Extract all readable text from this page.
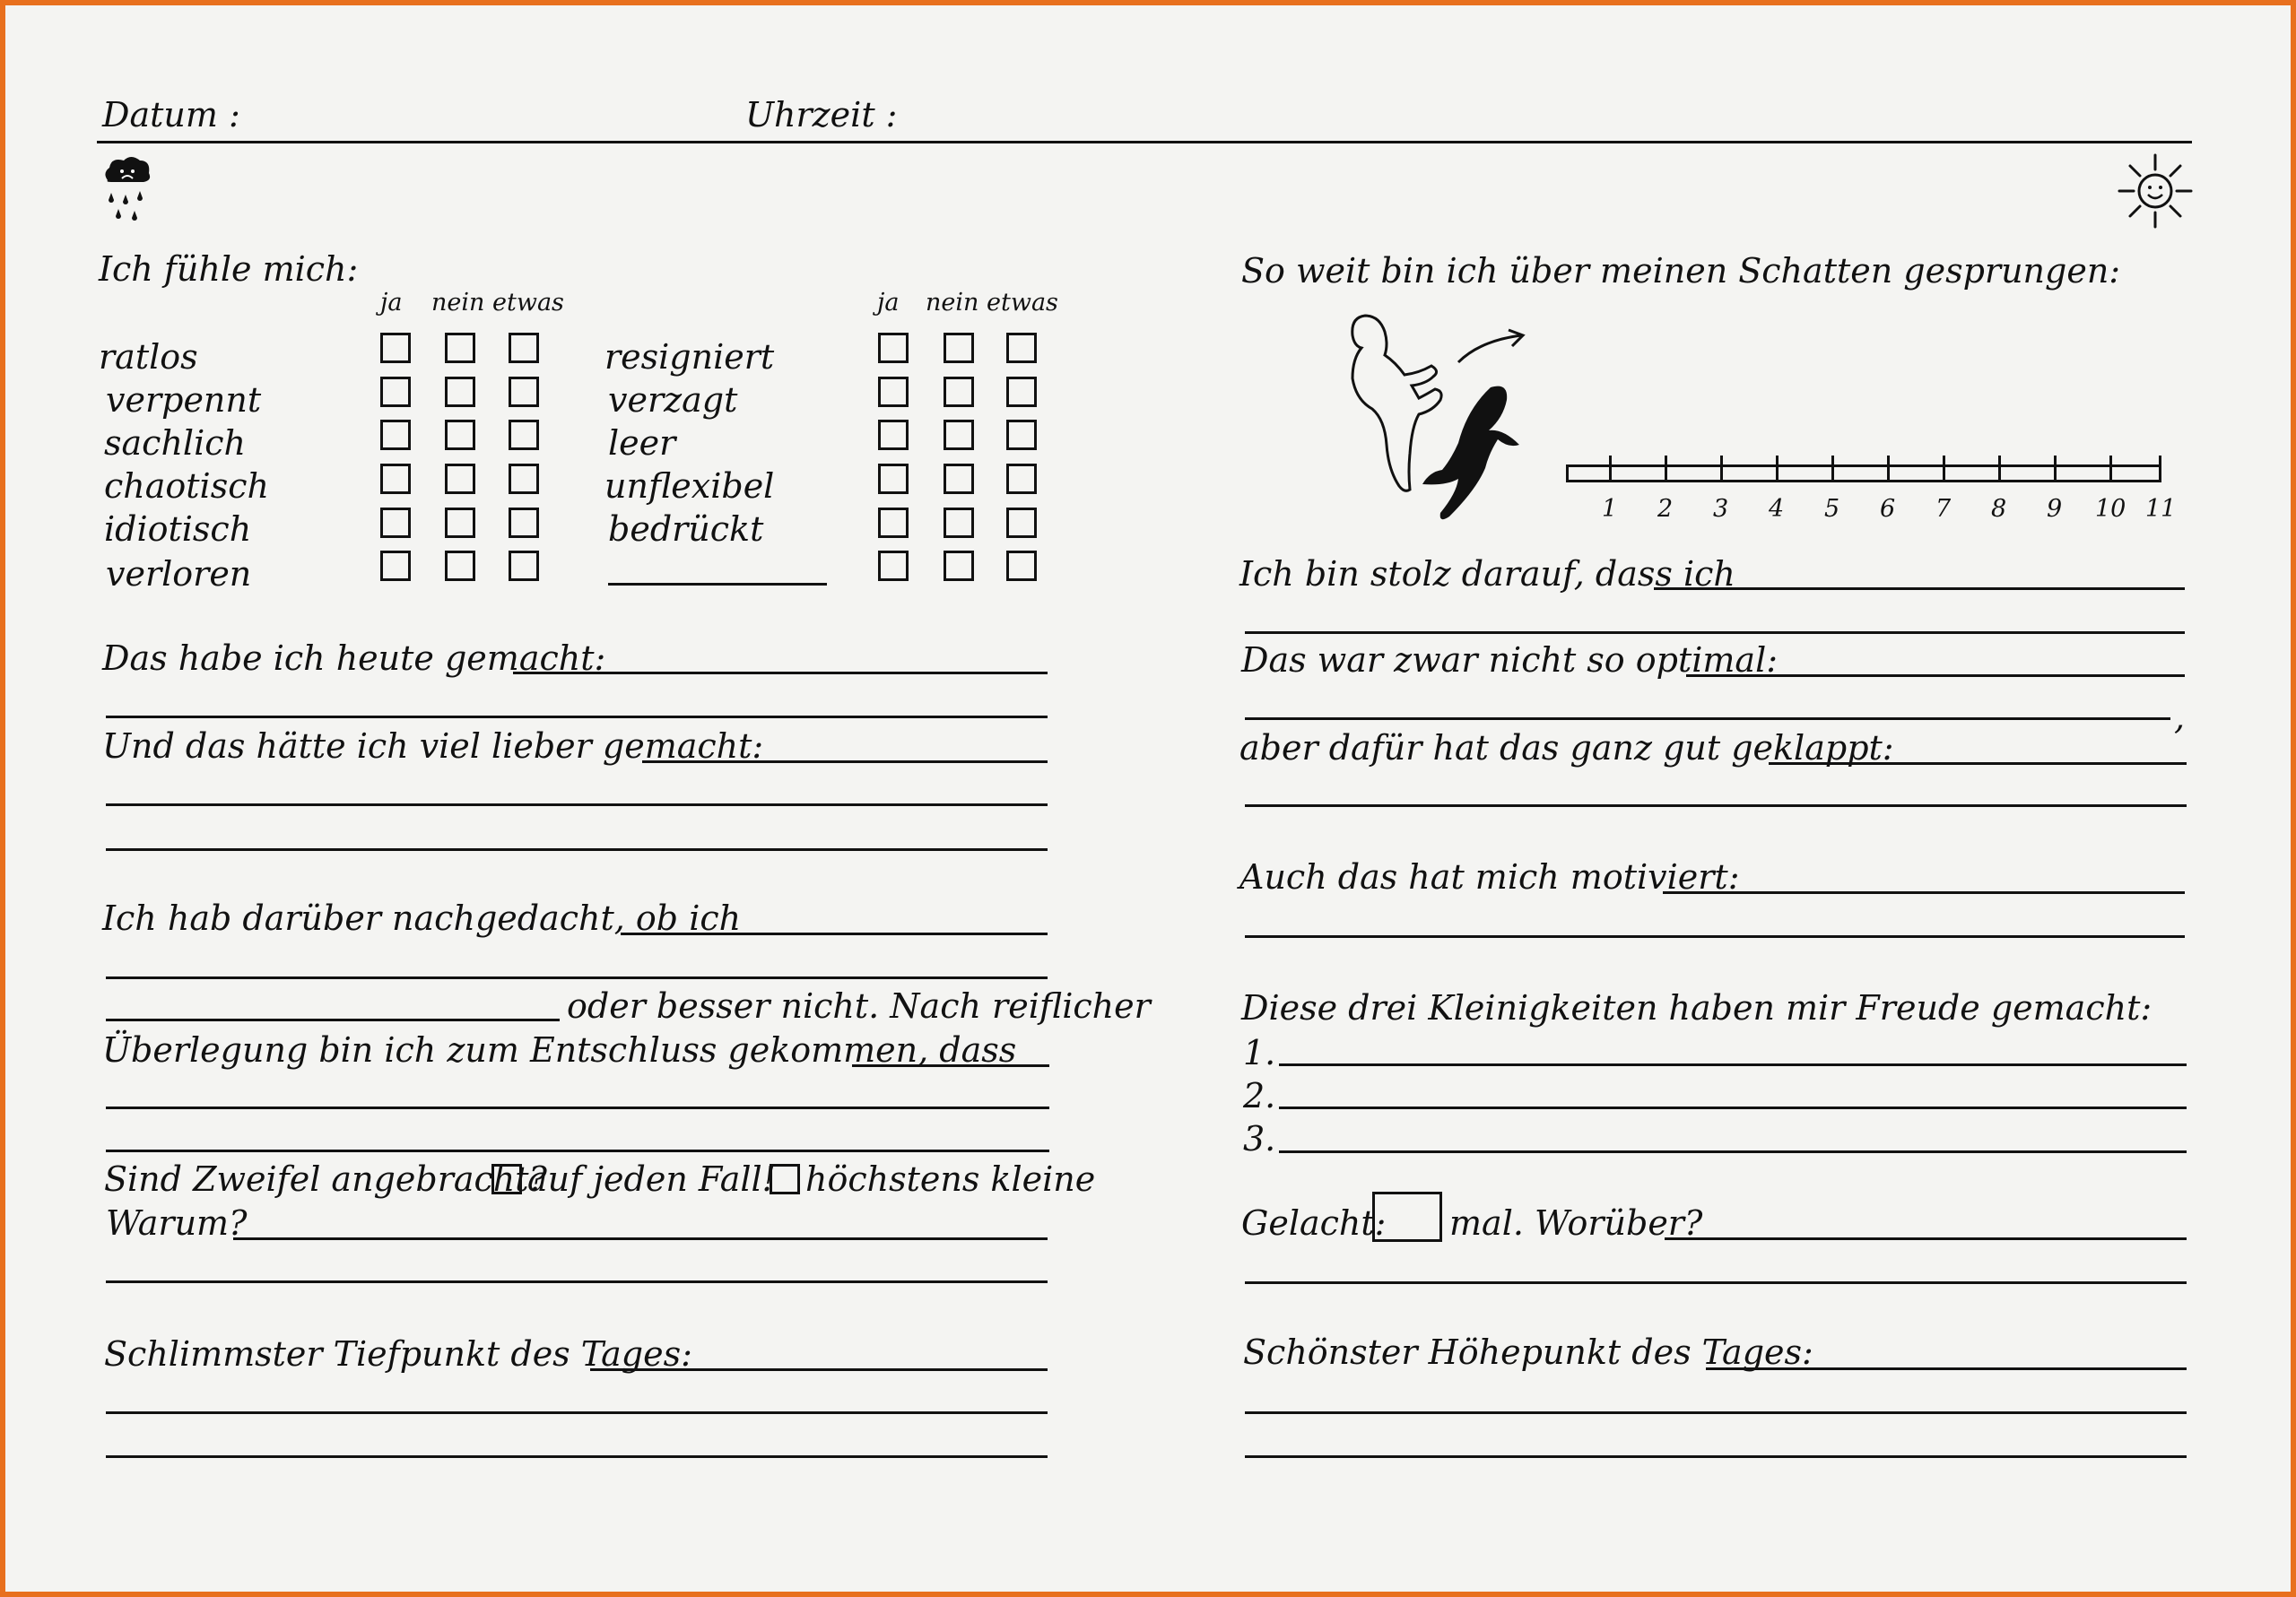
Datum :	Uhrzeit :
Ich fühle mich:
ja nein etwas	ja nein etwas
ratlos
verpennt
sachlich
chaotisch
idiotisch
verloren
resigniert
verzagt
leer
unflexibel
bedrückt
Das habe ich heute gemacht:
Und das hätte ich viel lieber gemacht:
Ich hab darüber nachgedacht, ob ich
oder besser nicht. Nach reiflicher
Überlegung bin ich zum Entschluss gekommen, dass
Sind Zweifel angebracht?
auf jeden Fall! höchstens kleine
Warum?
Schlimmster Tiefpunkt des Tages:
So weit bin ich über meinen Schatten gesprungen:
1 2 3 4 5 6 7 8 9 10 11
Ich bin stolz darauf, dass ich
Das war zwar nicht so optimal:
,
aber dafür hat das ganz gut geklappt:
Auch das hat mich motiviert:
Diese drei Kleinigkeiten haben mir Freude gemacht:
1.
2.
3.
Gelacht: mal. Worüber?
Schönster Höhepunkt des Tages:
